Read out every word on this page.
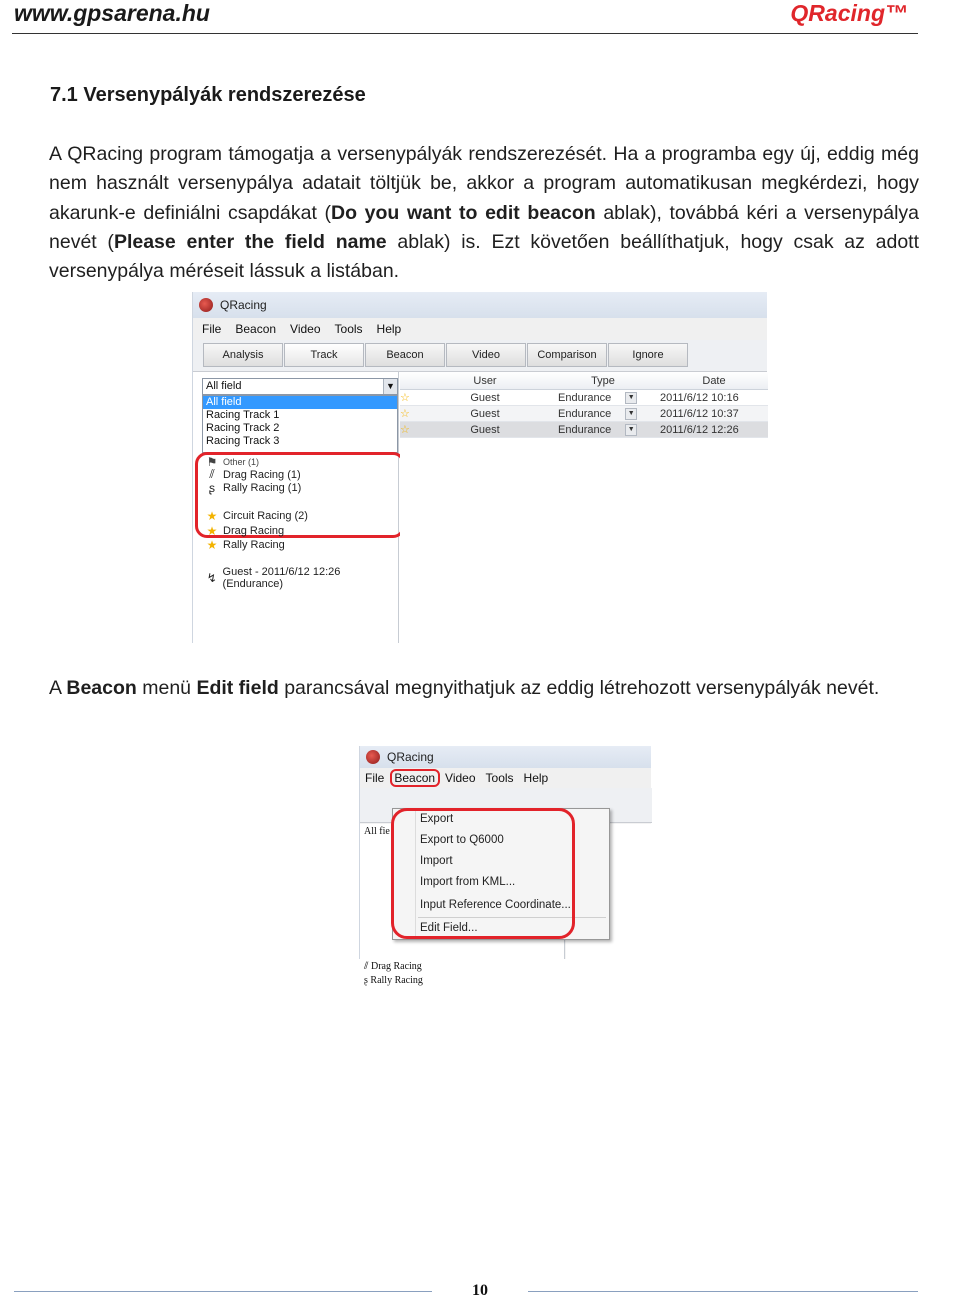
www.gpsarena.hu	QRacing™
7.1 Versenypályák rendszerezése
A QRacing program támogatja a versenypályák rendszerezését. Ha a programba egy új, eddig még nem használt versenypálya adatait töltjük be, akkor a program automatikusan megkérdezi, hogy akarunk-e definiálni csapdákat (Do you want to edit beacon ablak), továbbá kéri a versenypálya nevét (Please enter the field name ablak) is. Ezt követően beállíthatjuk, hogy csak az adott versenypálya méréseit lássuk a listában.
QRacing
File Beacon Video Tools Help
Analysis	Track	Beacon	Video	Comparison	Ignore
All field	▼
All field
Racing Track 1
Racing Track 2
Racing Track 3
⚑ Other (1)
⫽ Drag Racing (1)
ʂ Rally Racing (1)
★ Circuit Racing (2)
★ Drag Racing
★ Rally Racing
↯ Guest - 2011/6/12 12:26 (Endurance)
User	Type	Date
☆	Guest	Endurance	▼	2011/6/12 10:16
☆	Guest	Endurance	▼	2011/6/12 10:37
☆	Guest	Endurance	▼	2011/6/12 12:26
A Beacon menü Edit field parancsával megnyithatjuk az eddig létrehozott versenypályák nevét.
QRacing
File Beacon Video Tools Help
All fie
⫽ Drag Racing
ʂ Rally Racing
Export
Export to Q6000
Import
Import from KML...
Input Reference Coordinate...
Edit Field...
10
